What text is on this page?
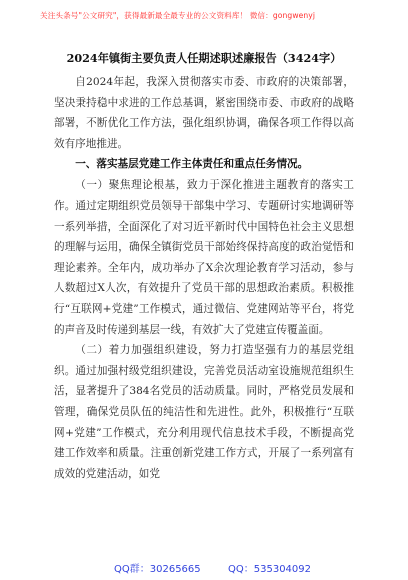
关注头条号"公文研究"，获得最新最全最专业的公文资料库！ 微信：gongwenyj

2024年镇街主要负责人任期述职述廉报告（3424字）

自2024年起，我深入贯彻落实市委、市政府的决策部署，坚决秉持稳中求进的工作总基调，紧密围绕市委、市政府的战略部署，不断优化工作方法，强化组织协调，确保各项工作得以高效有序地推进。

一、落实基层党建工作主体责任和重点任务情况。

（一）聚焦理论根基，致力于深化推进主题教育的落实工作。通过定期组织党员领导干部集中学习、专题研讨实地调研等一系列举措，全面深化了对习近平新时代中国特色社会主义思想的理解与运用，确保全镇街党员干部始终保持高度的政治觉悟和理论素养。全年内，成功举办了X余次理论教育学习活动，参与人数超过X人次，有效提升了党员干部的思想政治素质。积极推行“互联网+党建”工作模式，通过微信、党建网站等平台，将党的声音及时传递到基层一线，有效扩大了党建宣传覆盖面。

（二）着力加强组织建设，努力打造坚强有力的基层党组织。通过加强村级党组织建设，完善党员活动室设施规范组织生活，显著提升了384名党员的活动质量。同时，严格党员发展和管理，确保党员队伍的纯洁性和先进性。此外，积极推行“互联网+党建”工作模式，充分利用现代信息技术手段，不断提高党建工作效率和质量。注重创新党建工作方式，开展了一系列富有成效的党建活动，如党

QQ群：30265665	QQ：535304092
